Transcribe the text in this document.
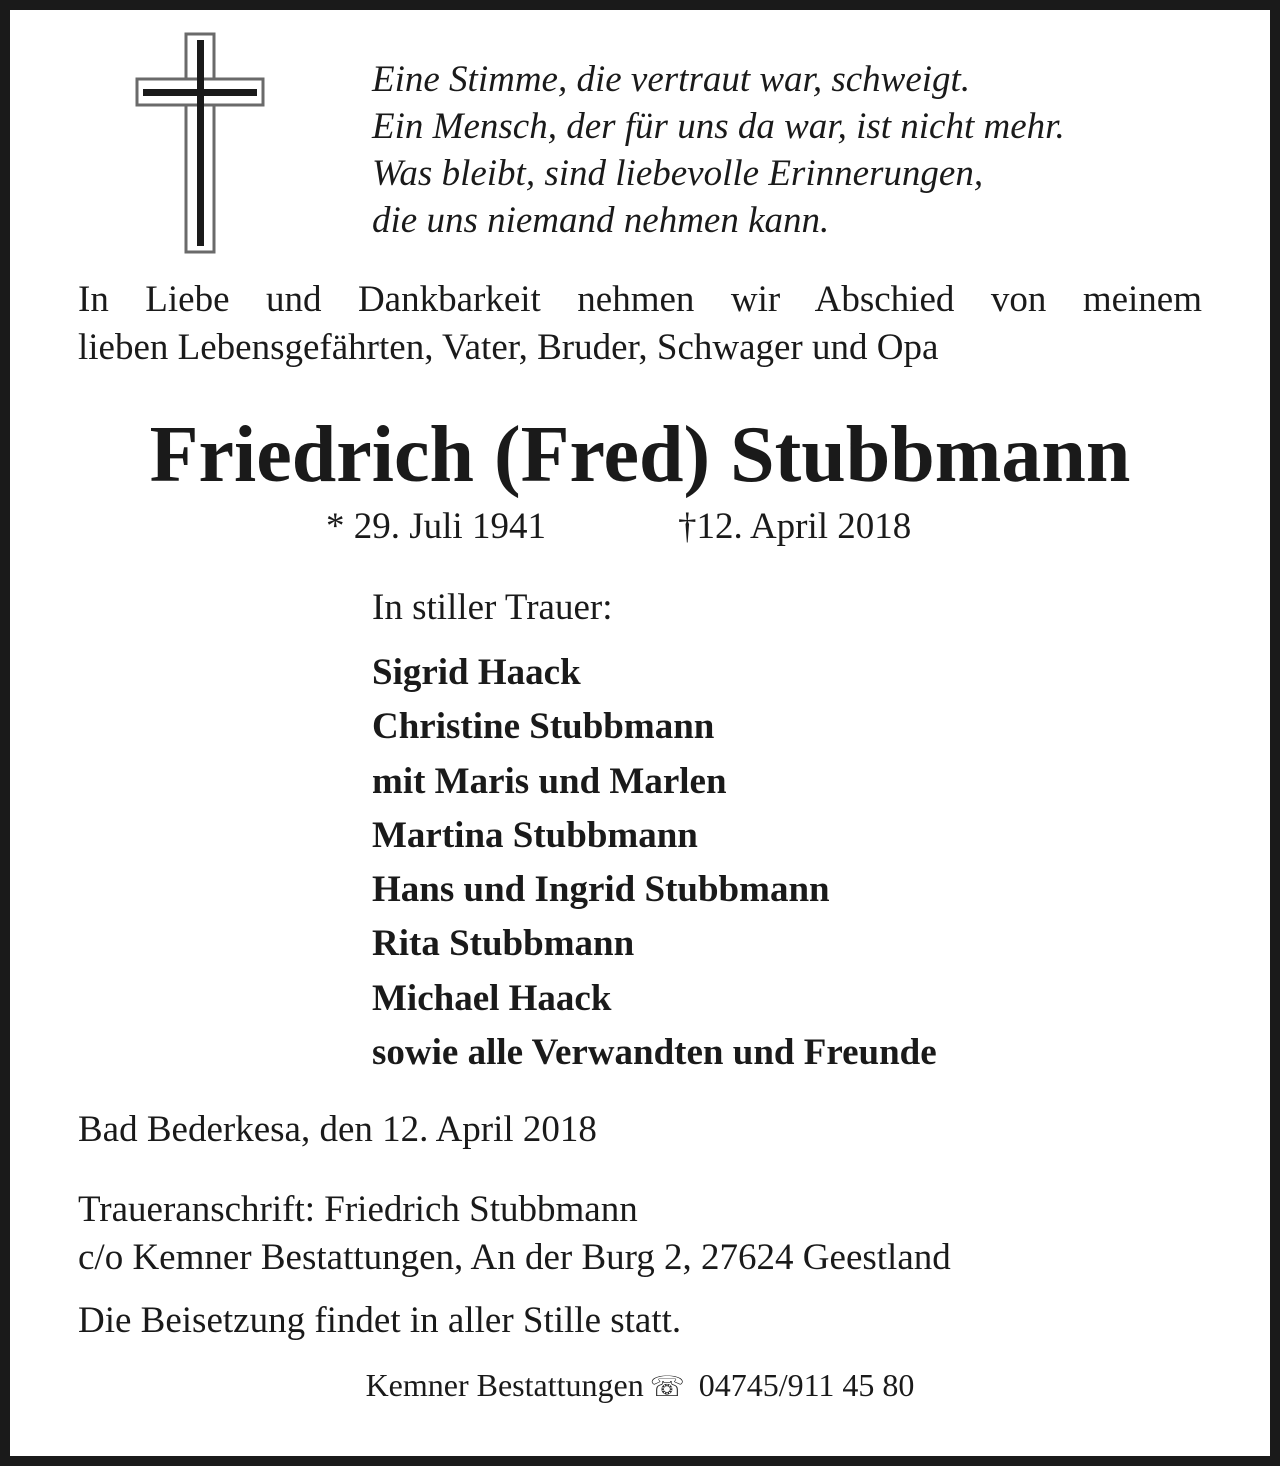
Eine Stimme, die vertraut war, schweigt.
Ein Mensch, der für uns da war, ist nicht mehr.
Was bleibt, sind liebevolle Erinnerungen,
die uns niemand nehmen kann.
In Liebe und Dankbarkeit nehmen wir Abschied von meinem
lieben Lebensgefährten, Vater, Bruder, Schwager und Opa
Friedrich (Fred) Stubbmann
* 29. Juli 1941	†12. April 2018
In stiller Trauer:
Sigrid Haack
Christine Stubbmann
mit Maris und Marlen
Martina Stubbmann
Hans und Ingrid Stubbmann
Rita Stubbmann
Michael Haack
sowie alle Verwandten und Freunde
Bad Bederkesa, den 12. April 2018
Traueranschrift: Friedrich Stubbmann
c/o Kemner Bestattungen, An der Burg 2, 27624 Geestland
Die Beisetzung findet in aller Stille statt.
Kemner Bestattungen ☏ 04745/911 45 80
